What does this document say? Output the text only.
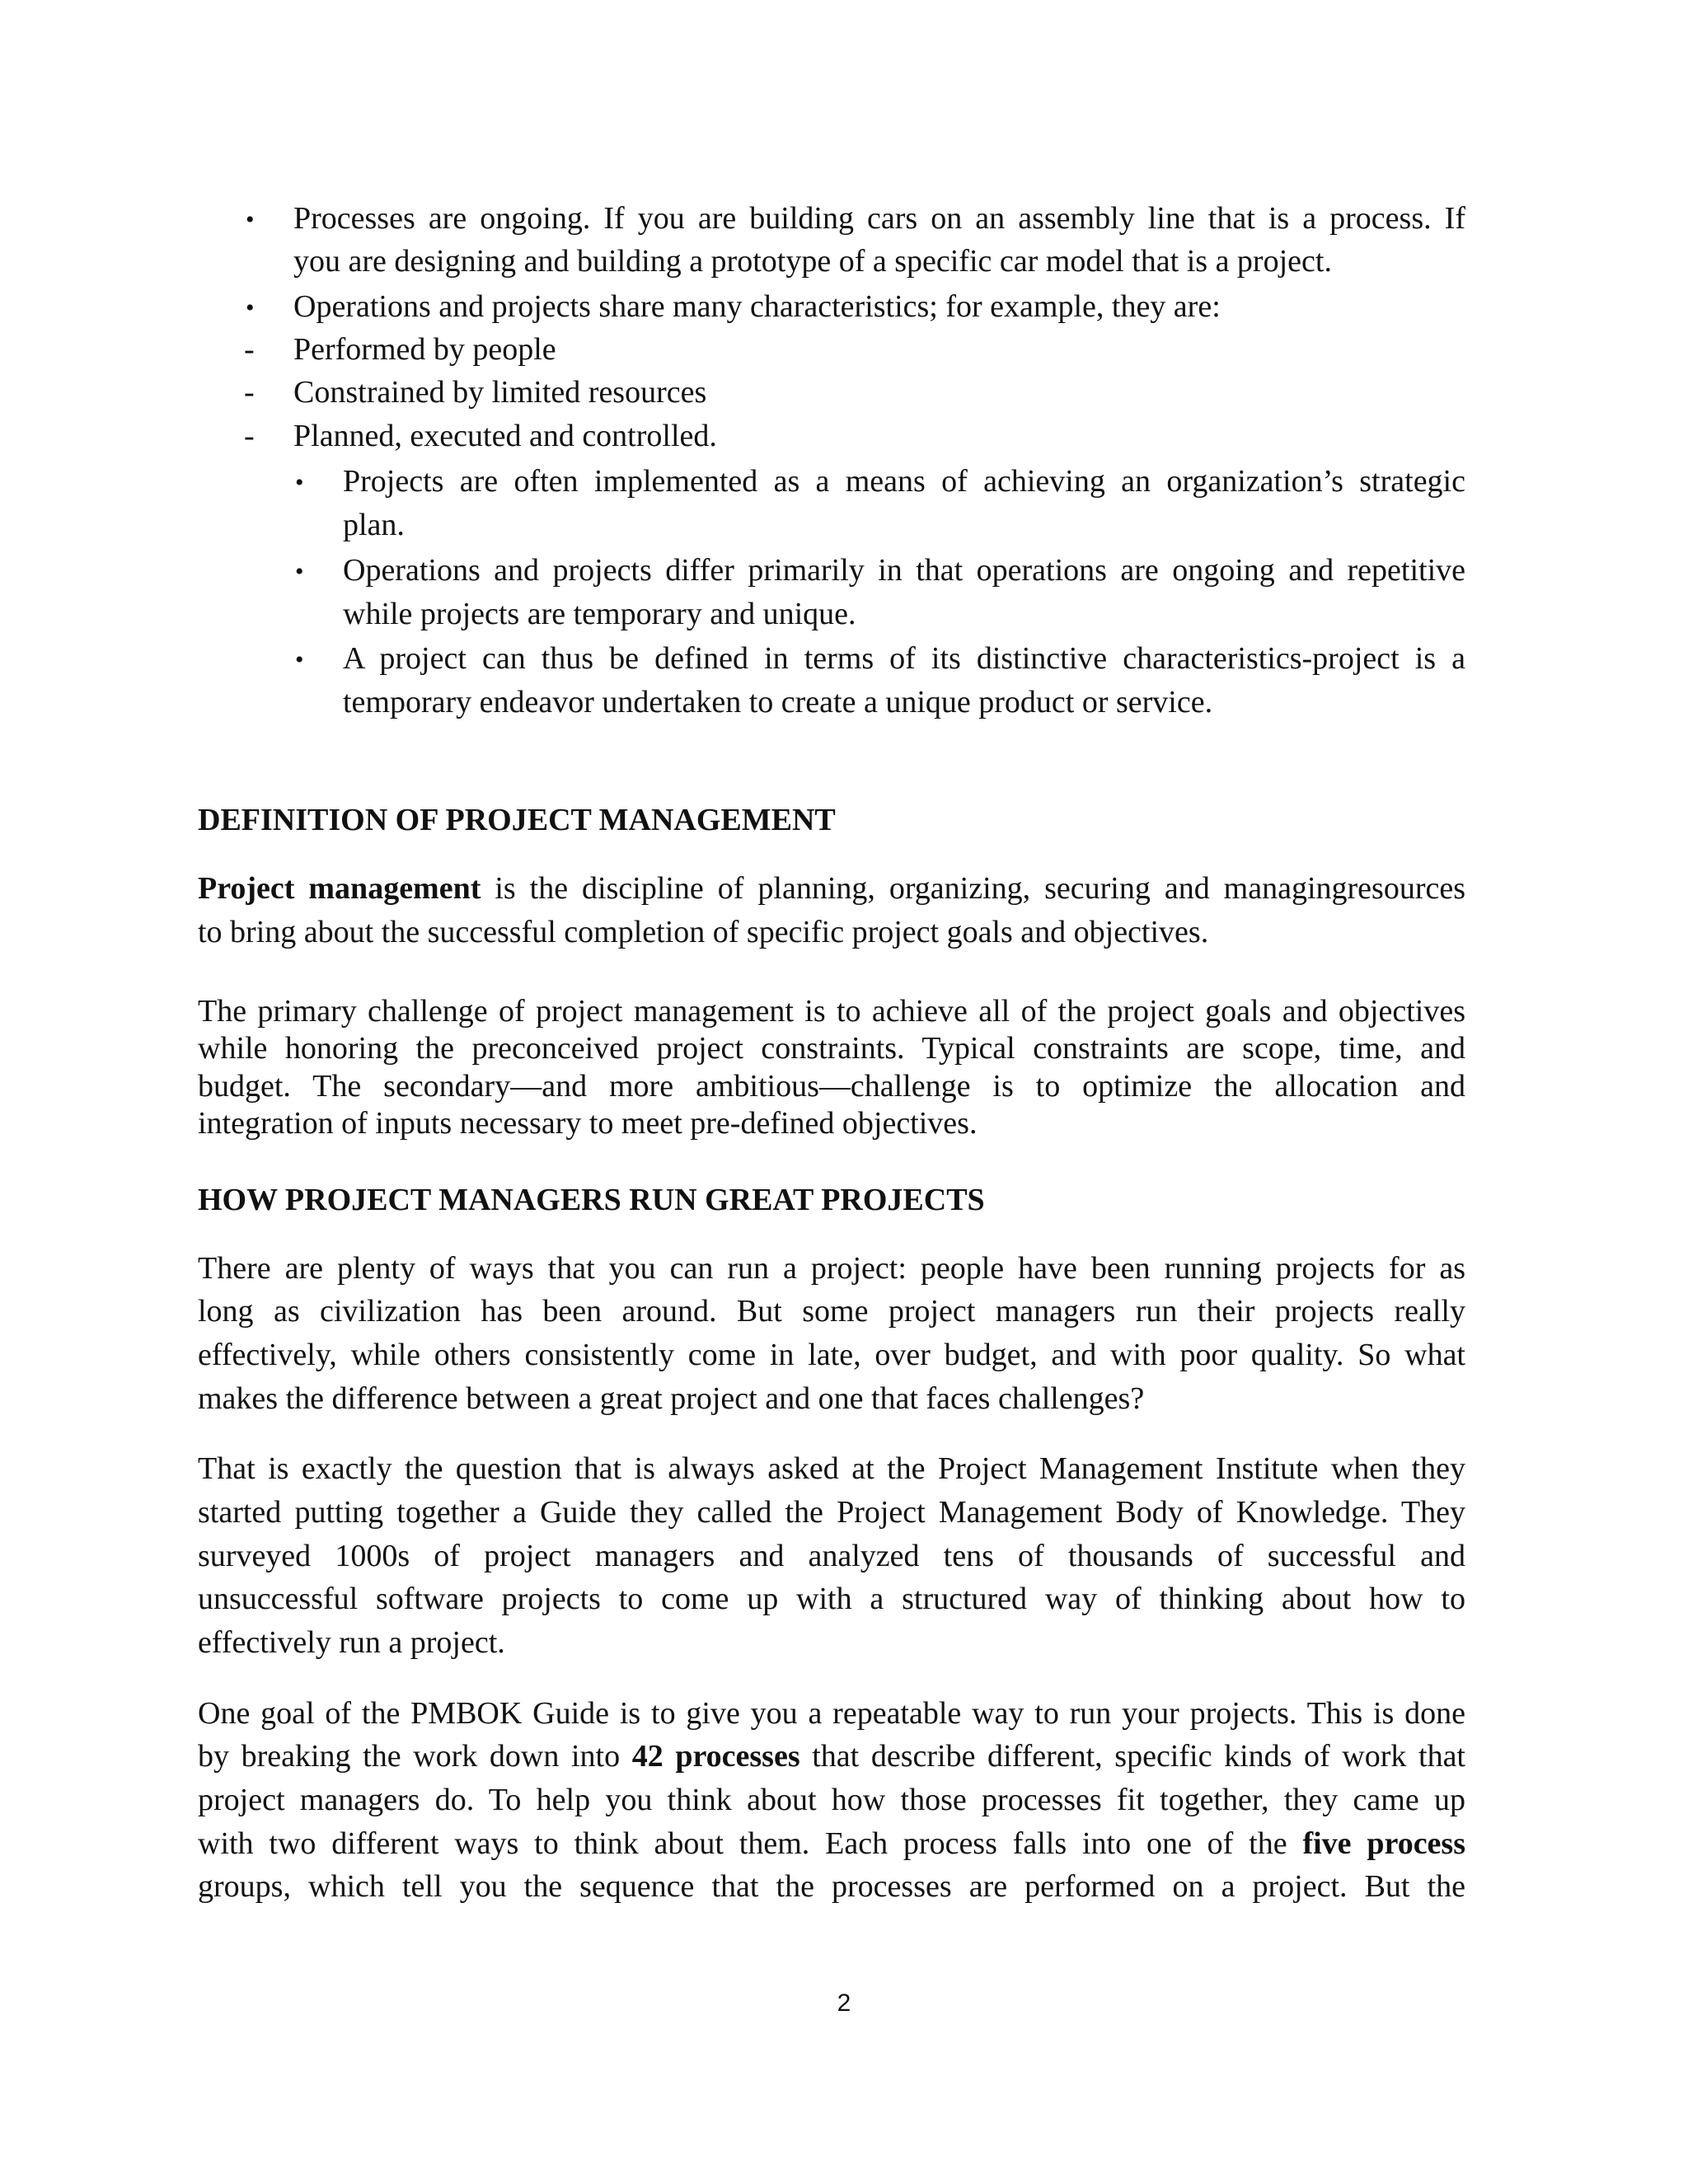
• Processes are ongoing. If you are building cars on an assembly line that is a process. If
you are designing and building a prototype of a specific car model that is a project.
• Operations and projects share many characteristics; for example, they are:
- Performed by people
- Constrained by limited resources
- Planned, executed and controlled.
• Projects are often implemented as a means of achieving an organization’s strategic
plan.
• Operations and projects differ primarily in that operations are ongoing and repetitive
while projects are temporary and unique.
• A project can thus be defined in terms of its distinctive characteristics-project is a
temporary endeavor undertaken to create a unique product or service.
DEFINITION OF PROJECT MANAGEMENT
Project management is the discipline of planning, organizing, securing and managingresources
to bring about the successful completion of specific project goals and objectives.
The primary challenge of project management is to achieve all of the project goals and objectives
while honoring the preconceived project constraints. Typical constraints are scope, time, and
budget. The secondary—and more ambitious—challenge is to optimize the allocation and
integration of inputs necessary to meet pre-defined objectives.
HOW PROJECT MANAGERS RUN GREAT PROJECTS
There are plenty of ways that you can run a project: people have been running projects for as
long as civilization has been around. But some project managers run their projects really
effectively, while others consistently come in late, over budget, and with poor quality. So what
makes the difference between a great project and one that faces challenges?
That is exactly the question that is always asked at the Project Management Institute when they
started putting together a Guide they called the Project Management Body of Knowledge. They
surveyed 1000s of project managers and analyzed tens of thousands of successful and
unsuccessful software projects to come up with a structured way of thinking about how to
effectively run a project.
One goal of the PMBOK Guide is to give you a repeatable way to run your projects. This is done
by breaking the work down into 42 processes that describe different, specific kinds of work that
project managers do. To help you think about how those processes fit together, they came up
with two different ways to think about them. Each process falls into one of the five process
groups, which tell you the sequence that the processes are performed on a project. But the
2
